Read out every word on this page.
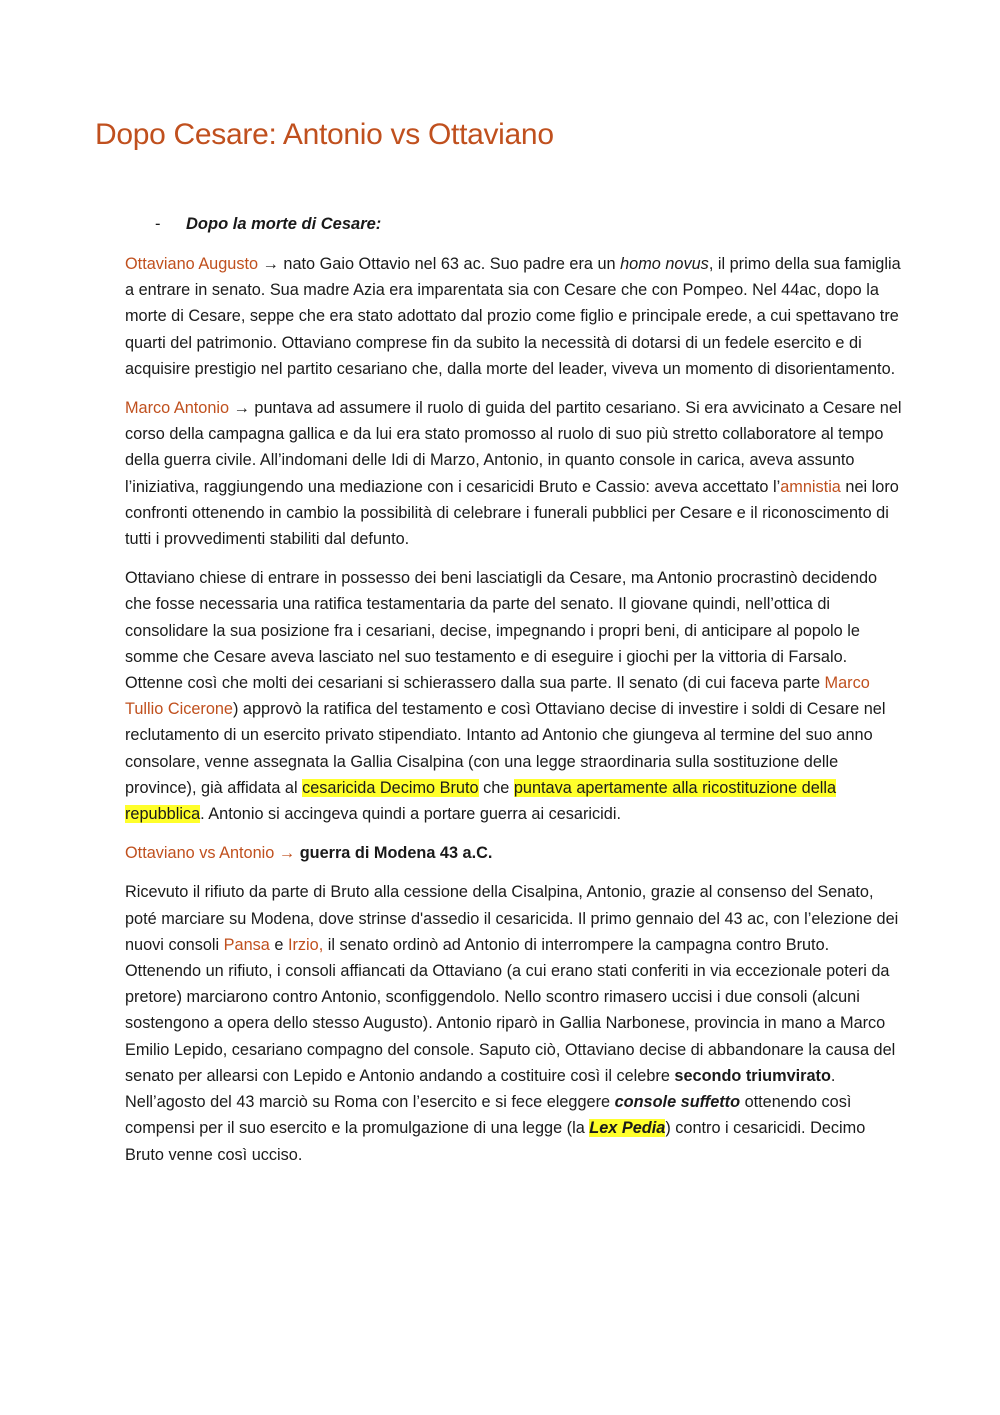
Dopo Cesare: Antonio vs Ottaviano
- Dopo la morte di Cesare:

Ottaviano Augusto → nato Gaio Ottavio nel 63 ac. Suo padre era un homo novus, il primo della sua famiglia a entrare in senato. Sua madre Azia era imparentata sia con Cesare che con Pompeo. Nel 44ac, dopo la morte di Cesare, seppe che era stato adottato dal prozio come figlio e principale erede, a cui spettavano tre quarti del patrimonio. Ottaviano comprese fin da subito la necessità di dotarsi di un fedele esercito e di acquisire prestigio nel partito cesariano che, dalla morte del leader, viveva un momento di disorientamento.

Marco Antonio → puntava ad assumere il ruolo di guida del partito cesariano. Si era avvicinato a Cesare nel corso della campagna gallica e da lui era stato promosso al ruolo di suo più stretto collaboratore al tempo della guerra civile. All’indomani delle Idi di Marzo, Antonio, in quanto console in carica, aveva assunto l’iniziativa, raggiungendo una mediazione con i cesaricidi Bruto e Cassio: aveva accettato l’amnistia nei loro confronti ottenendo in cambio la possibilità di celebrare i funerali pubblici per Cesare e il riconoscimento di tutti i provvedimenti stabiliti dal defunto.

Ottaviano chiese di entrare in possesso dei beni lasciatigli da Cesare, ma Antonio procrastinò decidendo che fosse necessaria una ratifica testamentaria da parte del senato. Il giovane quindi, nell’ottica di consolidare la sua posizione fra i cesariani, decise, impegnando i propri beni, di anticipare al popolo le somme che Cesare aveva lasciato nel suo testamento e di eseguire i giochi per la vittoria di Farsalo. Ottenne così che molti dei cesariani si schierassero dalla sua parte. Il senato (di cui faceva parte Marco Tullio Cicerone) approvò la ratifica del testamento e così Ottaviano decise di investire i soldi di Cesare nel reclutamento di un esercito privato stipendiato. Intanto ad Antonio che giungeva al termine del suo anno consolare, venne assegnata la Gallia Cisalpina (con una legge straordinaria sulla sostituzione delle province), già affidata al cesaricida Decimo Bruto che puntava apertamente alla ricostituzione della repubblica. Antonio si accingeva quindi a portare guerra ai cesaricidi.

Ottaviano vs Antonio → guerra di Modena 43 a.C.

Ricevuto il rifiuto da parte di Bruto alla cessione della Cisalpina, Antonio, grazie al consenso del Senato, poté marciare su Modena, dove strinse d'assedio il cesaricida. Il primo gennaio del 43 ac, con l’elezione dei nuovi consoli Pansa e Irzio, il senato ordinò ad Antonio di interrompere la campagna contro Bruto. Ottenendo un rifiuto, i consoli affiancati da Ottaviano (a cui erano stati conferiti in via eccezionale poteri da pretore) marciarono contro Antonio, sconfiggendolo. Nello scontro rimasero uccisi i due consoli (alcuni sostengono a opera dello stesso Augusto). Antonio riparò in Gallia Narbonese, provincia in mano a Marco Emilio Lepido, cesariano compagno del console. Saputo ciò, Ottaviano decise di abbandonare la causa del senato per allearsi con Lepido e Antonio andando a costituire così il celebre secondo triumvirato. Nell’agosto del 43 marciò su Roma con l’esercito e si fece eleggere console suffetto ottenendo così compensi per il suo esercito e la promulgazione di una legge (la Lex Pedia) contro i cesaricidi. Decimo Bruto venne così ucciso.
